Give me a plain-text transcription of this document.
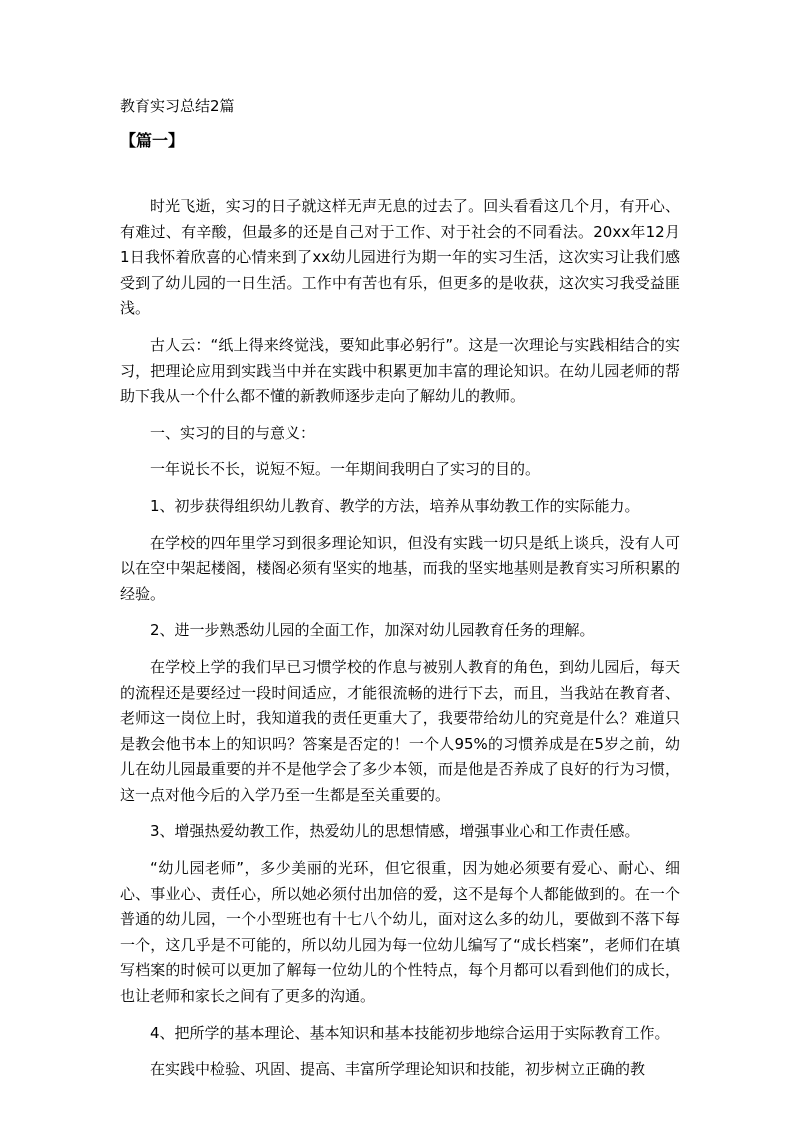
教育实习总结2篇
【篇一】

时光飞逝，实习的日子就这样无声无息的过去了。回头看看这几个月，有开心、有难过、有辛酸，但最多的还是自己对于工作、对于社会的不同看法。20xx年12月1日我怀着欣喜的心情来到了xx幼儿园进行为期一年的实习生活，这次实习让我们感受到了幼儿园的一日生活。工作中有苦也有乐，但更多的是收获，这次实习我受益匪浅。

古人云：“纸上得来终觉浅，要知此事必躬行”。这是一次理论与实践相结合的实习，把理论应用到实践当中并在实践中积累更加丰富的理论知识。在幼儿园老师的帮助下我从一个什么都不懂的新教师逐步走向了解幼儿的教师。

一、实习的目的与意义：

一年说长不长，说短不短。一年期间我明白了实习的目的。

1、初步获得组织幼儿教育、教学的方法，培养从事幼教工作的实际能力。

在学校的四年里学习到很多理论知识，但没有实践一切只是纸上谈兵，没有人可以在空中架起楼阁，楼阁必须有坚实的地基，而我的坚实地基则是教育实习所积累的经验。

2、进一步熟悉幼儿园的全面工作，加深对幼儿园教育任务的理解。

在学校上学的我们早已习惯学校的作息与被别人教育的角色，到幼儿园后，每天的流程还是要经过一段时间适应，才能很流畅的进行下去，而且，当我站在教育者、老师这一岗位上时，我知道我的责任更重大了，我要带给幼儿的究竟是什么？难道只是教会他书本上的知识吗？答案是否定的！一个人95%的习惯养成是在5岁之前，幼儿在幼儿园最重要的并不是他学会了多少本领，而是他是否养成了良好的行为习惯，这一点对他今后的入学乃至一生都是至关重要的。

3、增强热爱幼教工作，热爱幼儿的思想情感，增强事业心和工作责任感。

“幼儿园老师”，多少美丽的光环，但它很重，因为她必须要有爱心、耐心、细心、事业心、责任心，所以她必须付出加倍的爱，这不是每个人都能做到的。在一个普通的幼儿园，一个小型班也有十七八个幼儿，面对这么多的幼儿，要做到不落下每一个，这几乎是不可能的，所以幼儿园为每一位幼儿编写了“成长档案”，老师们在填写档案的时候可以更加了解每一位幼儿的个性特点，每个月都可以看到他们的成长，也让老师和家长之间有了更多的沟通。

4、把所学的基本理论、基本知识和基本技能初步地综合运用于实际教育工作。

在实践中检验、巩固、提高、丰富所学理论知识和技能，初步树立正确的教
